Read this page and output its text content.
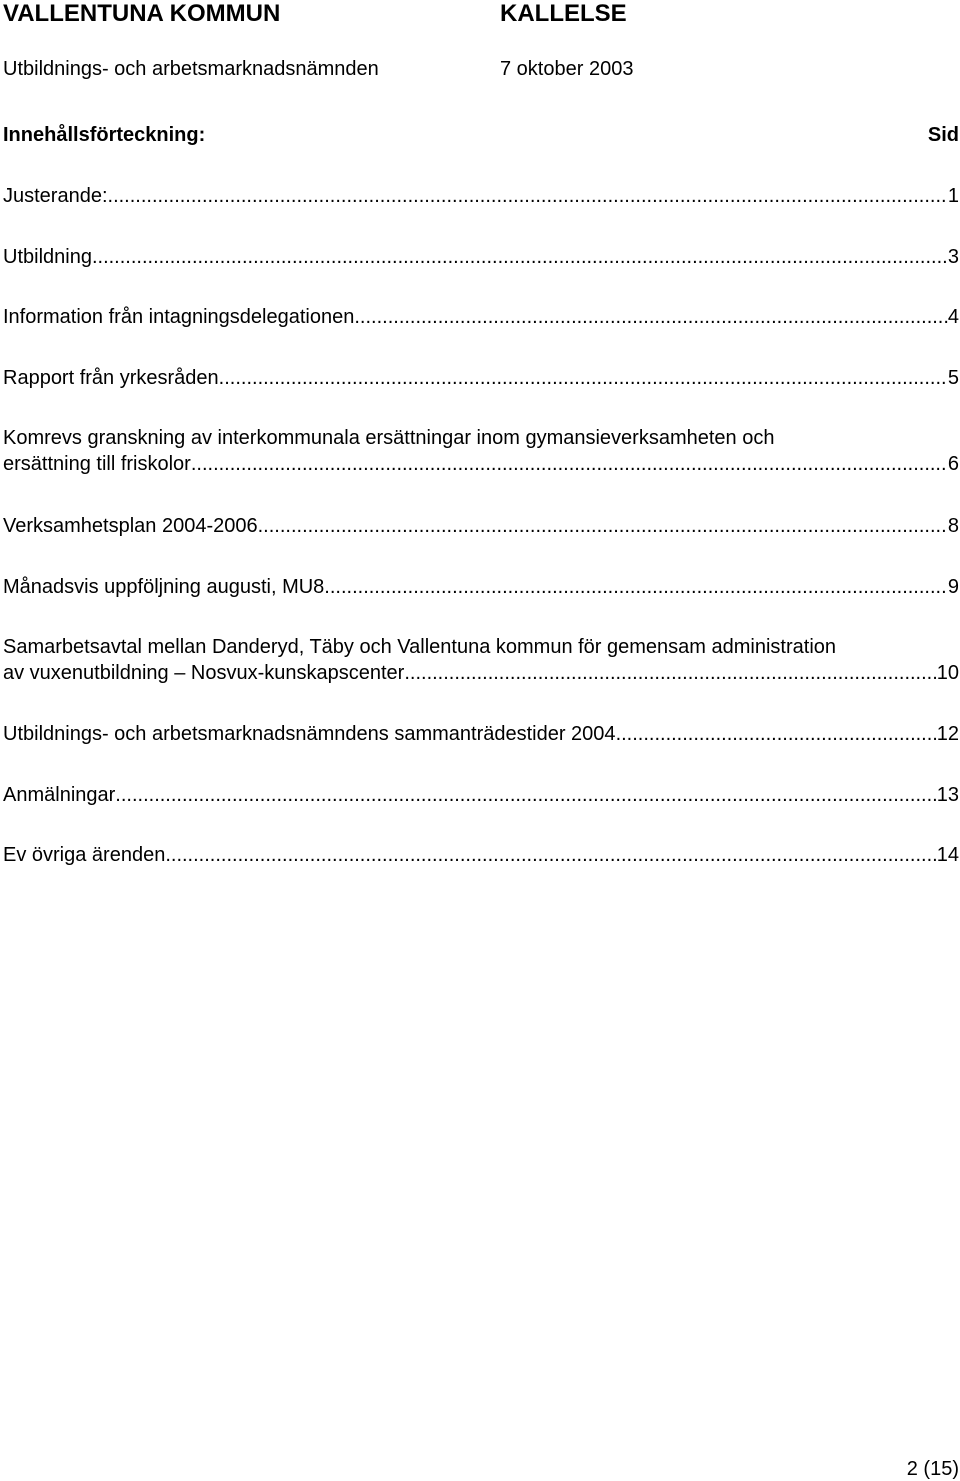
VALLENTUNA KOMMUN	KALLELSE
Utbildnings- och arbetsmarknadsnämnden	7 oktober 2003
Innehållsförteckning:	Sid
Justerande: .....	1
Utbildning .....	3
Information från intagningsdelegationen .....	4
Rapport från yrkesråden .....	5
Komrevs granskning av interkommunala ersättningar inom gymansieverksamheten och
ersättning till friskolor .....	6
Verksamhetsplan 2004-2006 .....	8
Månadsvis uppföljning augusti, MU8 .....	9
Samarbetsavtal mellan Danderyd, Täby och Vallentuna kommun för gemensam administration
av vuxenutbildning – Nosvux-kunskapscenter .....	10
Utbildnings- och arbetsmarknadsnämndens sammanträdestider 2004 .....	12
Anmälningar .....	13
Ev övriga ärenden .....	14
2 (15)
